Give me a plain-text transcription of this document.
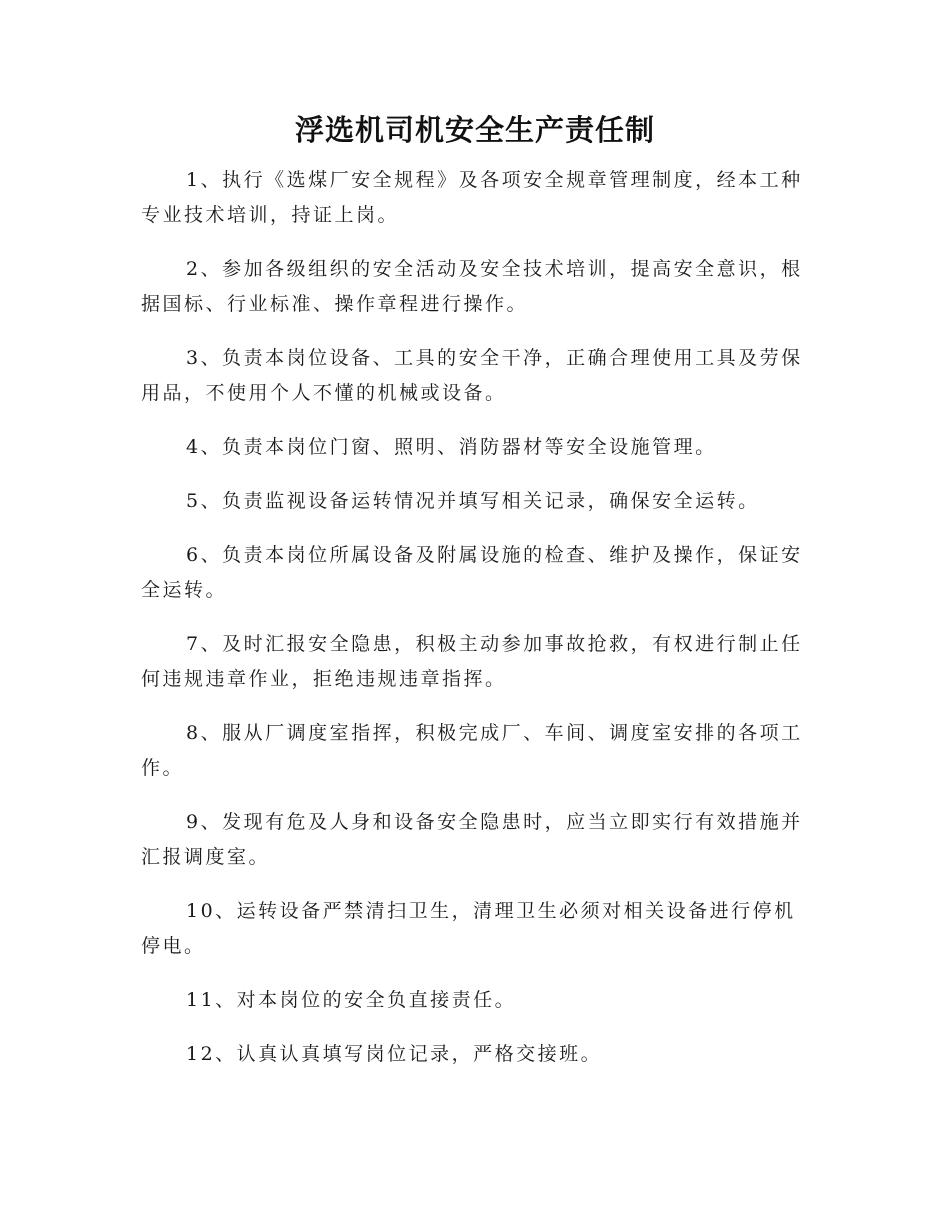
浮选机司机安全生产责任制

1、执行《选煤厂安全规程》及各项安全规章管理制度，经本工种专业技术培训，持证上岗。

2、参加各级组织的安全活动及安全技术培训，提高安全意识，根据国标、行业标准、操作章程进行操作。

3、负责本岗位设备、工具的安全干净，正确合理使用工具及劳保用品，不使用个人不懂的机械或设备。

4、负责本岗位门窗、照明、消防器材等安全设施管理。

5、负责监视设备运转情况并填写相关记录，确保安全运转。

6、负责本岗位所属设备及附属设施的检查、维护及操作，保证安全运转。

7、及时汇报安全隐患，积极主动参加事故抢救，有权进行制止任何违规违章作业，拒绝违规违章指挥。

8、服从厂调度室指挥，积极完成厂、车间、调度室安排的各项工作。

9、发现有危及人身和设备安全隐患时，应当立即实行有效措施并汇报调度室。

10、运转设备严禁清扫卫生，清理卫生必须对相关设备进行停机停电。

11、对本岗位的安全负直接责任。

12、认真认真填写岗位记录，严格交接班。
